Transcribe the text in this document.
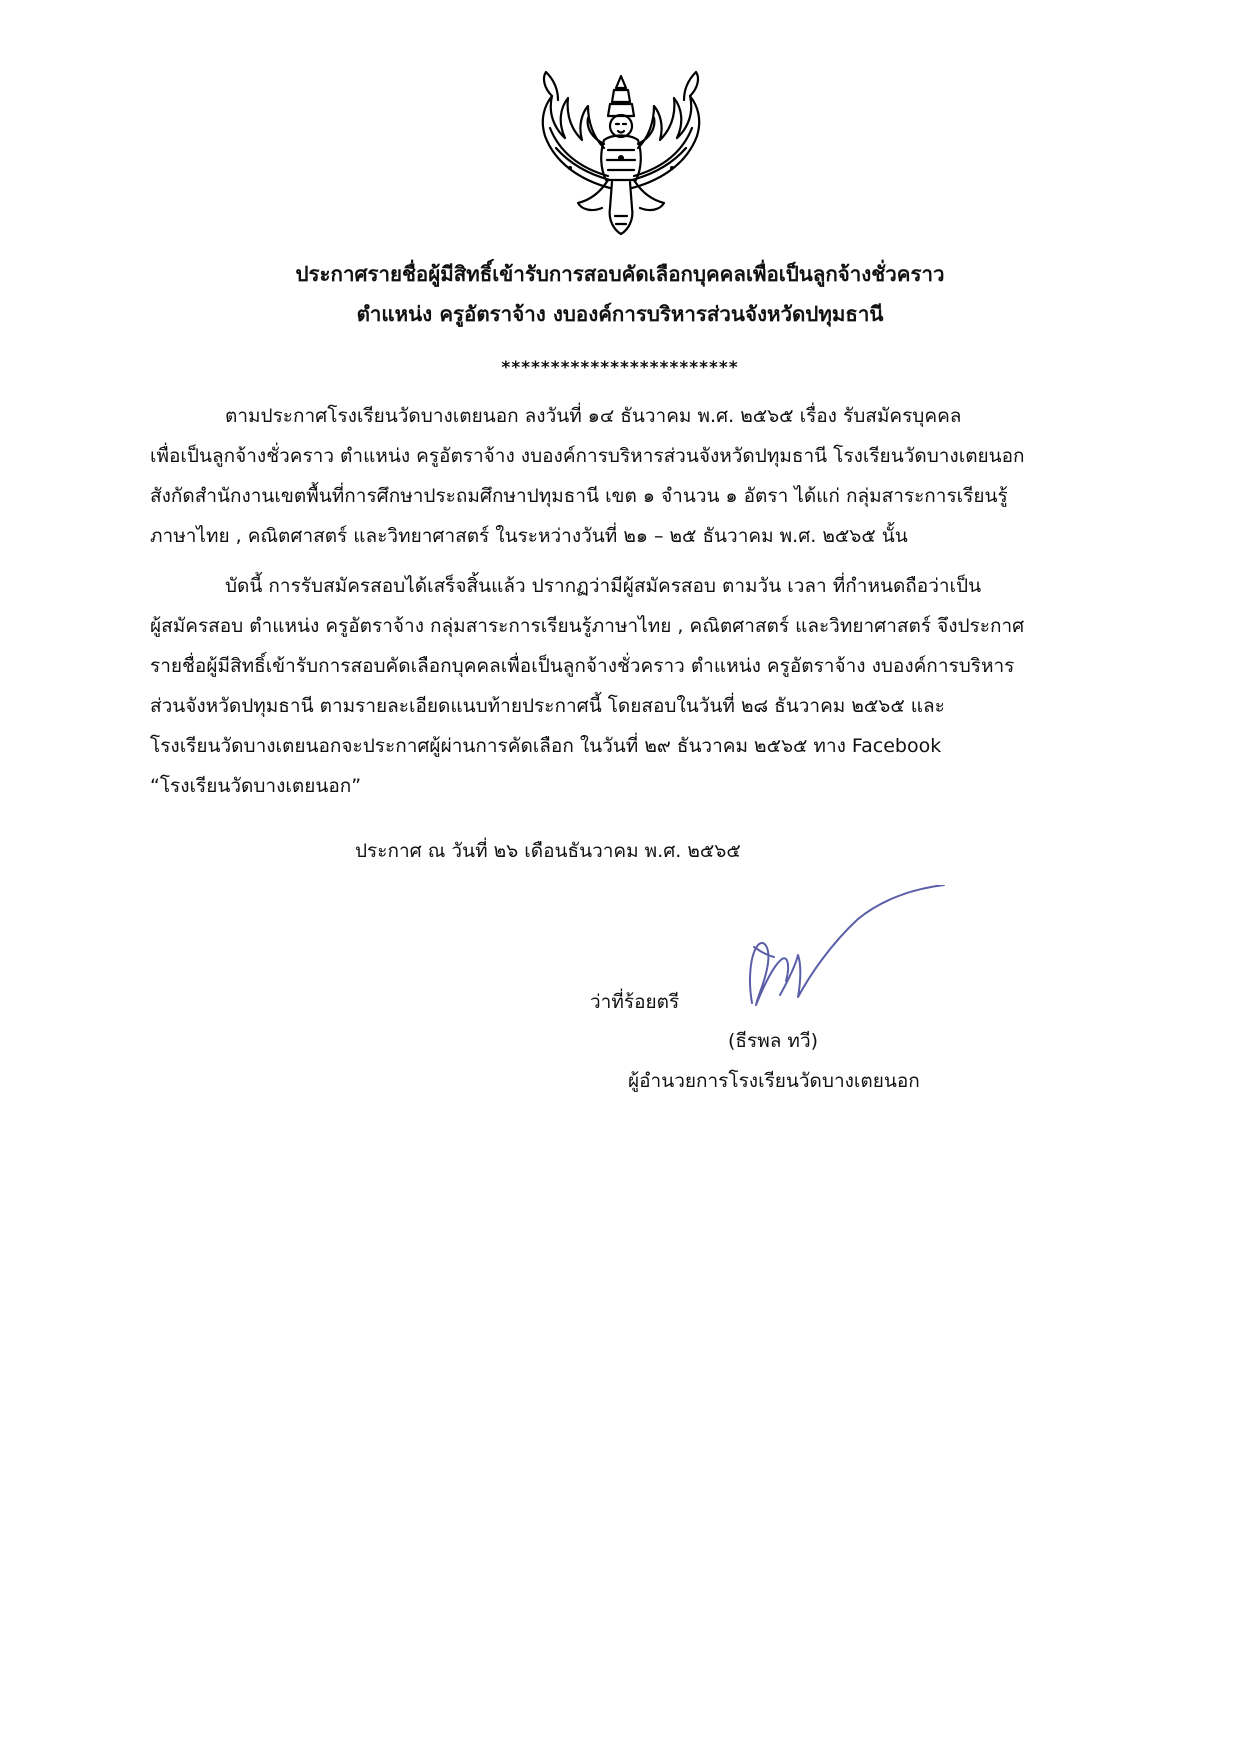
ประกาศรายชื่อผู้มีสิทธิ์เข้ารับการสอบคัดเลือกบุคคลเพื่อเป็นลูกจ้างชั่วคราว
ตำแหน่ง ครูอัตราจ้าง งบองค์การบริหารส่วนจังหวัดปทุมธานี
************************
ตามประกาศโรงเรียนวัดบางเตยนอก ลงวันที่ ๑๔ ธันวาคม พ.ศ. ๒๕๖๕ เรื่อง รับสมัครบุคคล
เพื่อเป็นลูกจ้างชั่วคราว ตำแหน่ง ครูอัตราจ้าง งบองค์การบริหารส่วนจังหวัดปทุมธานี โรงเรียนวัดบางเตยนอก
สังกัดสำนักงานเขตพื้นที่การศึกษาประถมศึกษาปทุมธานี เขต ๑ จำนวน ๑ อัตรา ได้แก่ กลุ่มสาระการเรียนรู้
ภาษาไทย , คณิตศาสตร์ และวิทยาศาสตร์ ในระหว่างวันที่ ๒๑ – ๒๕ ธันวาคม พ.ศ. ๒๕๖๕ นั้น
บัดนี้ การรับสมัครสอบได้เสร็จสิ้นแล้ว ปรากฏว่ามีผู้สมัครสอบ ตามวัน เวลา ที่กำหนดถือว่าเป็น
ผู้สมัครสอบ ตำแหน่ง ครูอัตราจ้าง กลุ่มสาระการเรียนรู้ภาษาไทย , คณิตศาสตร์ และวิทยาศาสตร์ จึงประกาศ
รายชื่อผู้มีสิทธิ์เข้ารับการสอบคัดเลือกบุคคลเพื่อเป็นลูกจ้างชั่วคราว ตำแหน่ง ครูอัตราจ้าง งบองค์การบริหาร
ส่วนจังหวัดปทุมธานี ตามรายละเอียดแนบท้ายประกาศนี้ โดยสอบในวันที่ ๒๘ ธันวาคม ๒๕๖๕ และ
โรงเรียนวัดบางเตยนอกจะประกาศผู้ผ่านการคัดเลือก ในวันที่ ๒๙ ธันวาคม ๒๕๖๕ ทาง Facebook
“โรงเรียนวัดบางเตยนอก”
ประกาศ ณ วันที่ ๒๖ เดือนธันวาคม พ.ศ. ๒๕๖๕
ว่าที่ร้อยตรี
(ธีรพล ทวี)
ผู้อำนวยการโรงเรียนวัดบางเตยนอก
